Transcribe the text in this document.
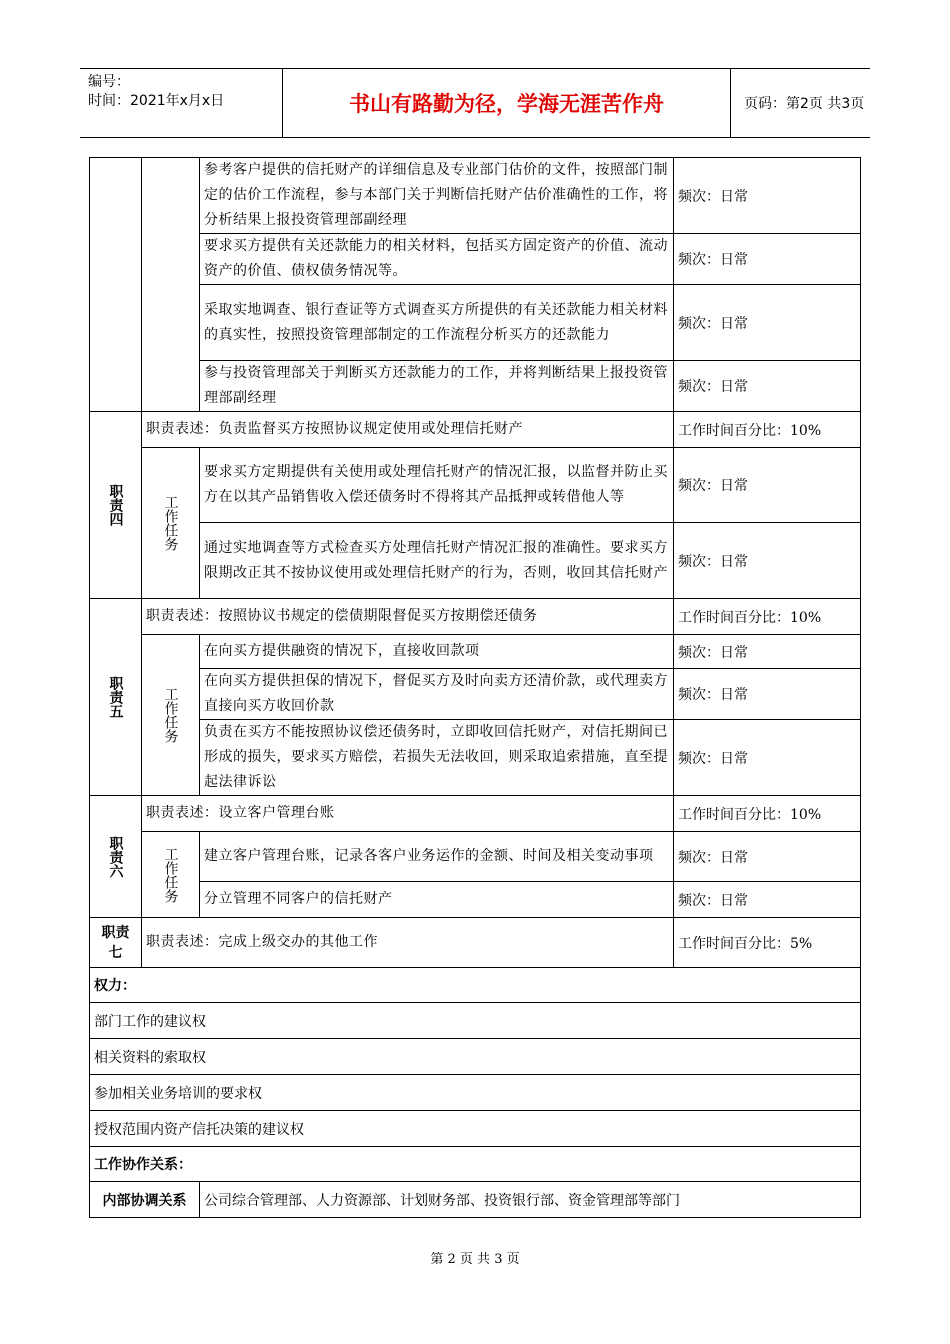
编号：
时间：2021年x月x日	书山有路勤为径，学海无涯苦作舟	页码：第2页 共3页
		参考客户提供的信托财产的详细信息及专业部门估价的文件，按照部门制定的估价工作流程，参与本部门关于判断信托财产估价准确性的工作，将分析结果上报投资管理部副经理	频次：日常
		要求买方提供有关还款能力的相关材料，包括买方固定资产的价值、流动资产的价值、债权债务情况等。	频次：日常
		采取实地调查、银行查证等方式调查买方所提供的有关还款能力相关材料的真实性，按照投资管理部制定的工作流程分析买方的还款能力	频次：日常
		参与投资管理部关于判断买方还款能力的工作，并将判断结果上报投资管理部副经理	频次：日常
职责四	职责表述：负责监督买方按照协议规定使用或处理信托财产		工作时间百分比：10%
	工作任务	要求买方定期提供有关使用或处理信托财产的情况汇报，以监督并防止买方在以其产品销售收入偿还债务时不得将其产品抵押或转借他人等	频次：日常
		通过实地调查等方式检查买方处理信托财产情况汇报的准确性。要求买方限期改正其不按协议使用或处理信托财产的行为，否则，收回其信托财产	频次：日常
职责五	职责表述：按照协议书规定的偿债期限督促买方按期偿还债务		工作时间百分比：10%
	工作任务	在向买方提供融资的情况下，直接收回款项	频次：日常
		在向买方提供担保的情况下，督促买方及时向卖方还清价款，或代理卖方直接向买方收回价款	频次：日常
		负责在买方不能按照协议偿还债务时，立即收回信托财产，对信托期间已形成的损失，要求买方赔偿，若损失无法收回，则采取追索措施，直至提起法律诉讼	频次：日常
职责六	职责表述：设立客户管理台账		工作时间百分比：10%
	工作任务	建立客户管理台账，记录各客户业务运作的金额、时间及相关变动事项	频次：日常
		分立管理不同客户的信托财产	频次：日常
职责七	职责表述：完成上级交办的其他工作		工作时间百分比：5%
权力：			
部门工作的建议权			
相关资料的索取权			
参加相关业务培训的要求权			
授权范围内资产信托决策的建议权			
工作协作关系：			
内部协调关系		公司综合管理部、人力资源部、计划财务部、投资银行部、资金管理部等部门	
第 2 页 共 3 页
